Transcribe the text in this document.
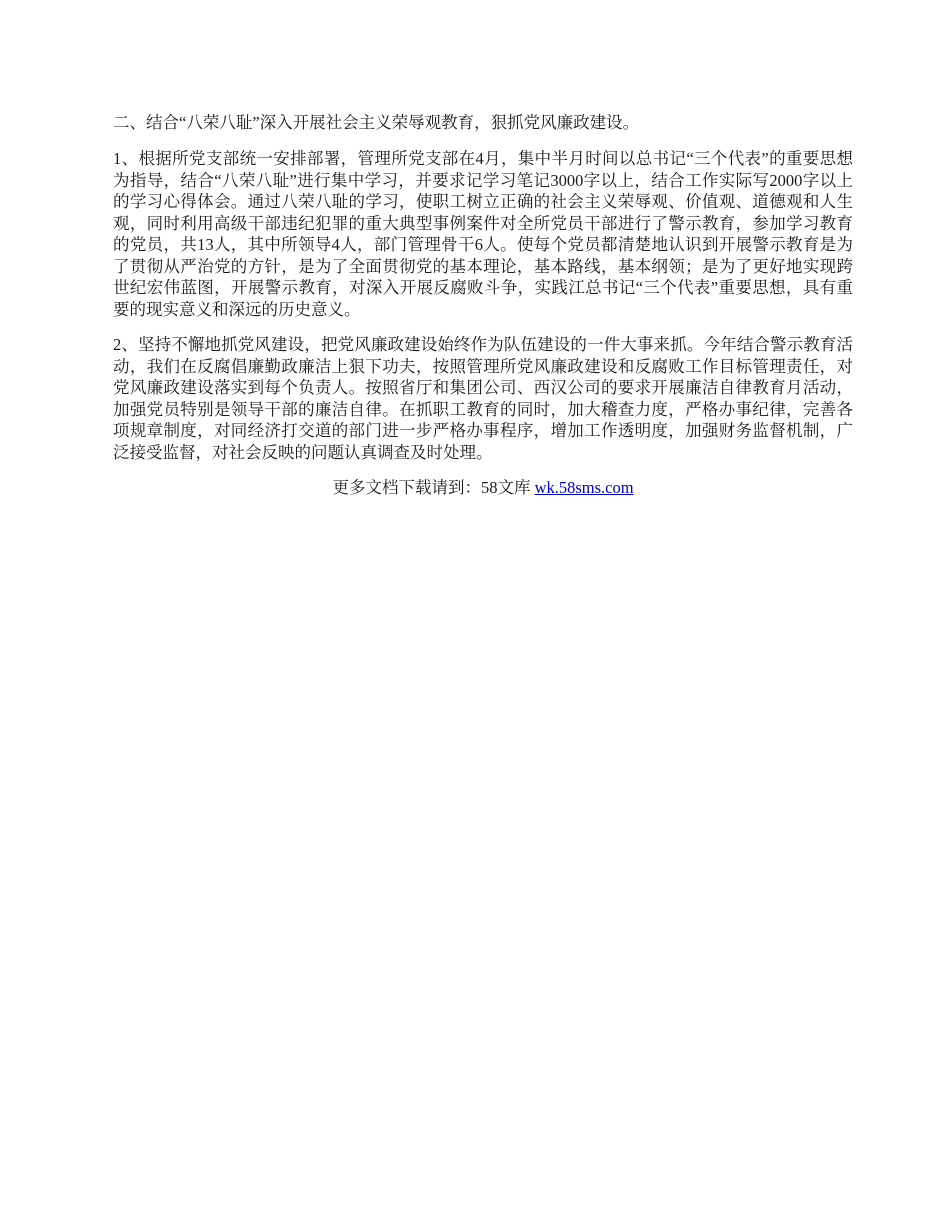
二、结合“八荣八耻”深入开展社会主义荣辱观教育，狠抓党风廉政建设。

1、根据所党支部统一安排部署，管理所党支部在4月，集中半月时间以总书记“三个代表”的重要思想为指导，结合“八荣八耻”进行集中学习，并要求记学习笔记3000字以上，结合工作实际写2000字以上的学习心得体会。通过八荣八耻的学习，使职工树立正确的社会主义荣辱观、价值观、道德观和人生观，同时利用高级干部违纪犯罪的重大典型事例案件对全所党员干部进行了警示教育，参加学习教育的党员，共13人，其中所领导4人，部门管理骨干6人。使每个党员都清楚地认识到开展警示教育是为了贯彻从严治党的方针，是为了全面贯彻党的基本理论，基本路线，基本纲领；是为了更好地实现跨世纪宏伟蓝图，开展警示教育，对深入开展反腐败斗争，实践江总书记“三个代表”重要思想，具有重要的现实意义和深远的历史意义。

2、坚持不懈地抓党风建设，把党风廉政建设始终作为队伍建设的一件大事来抓。今年结合警示教育活动，我们在反腐倡廉勤政廉洁上狠下功夫，按照管理所党风廉政建设和反腐败工作目标管理责任，对党风廉政建设落实到每个负责人。按照省厅和集团公司、西汉公司的要求开展廉洁自律教育月活动，加强党员特别是领导干部的廉洁自律。在抓职工教育的同时，加大稽查力度，严格办事纪律，完善各项规章制度，对同经济打交道的部门进一步严格办事程序，增加工作透明度，加强财务监督机制，广泛接受监督，对社会反映的问题认真调查及时处理。

更多文档下载请到：58文库 wk.58sms.com
